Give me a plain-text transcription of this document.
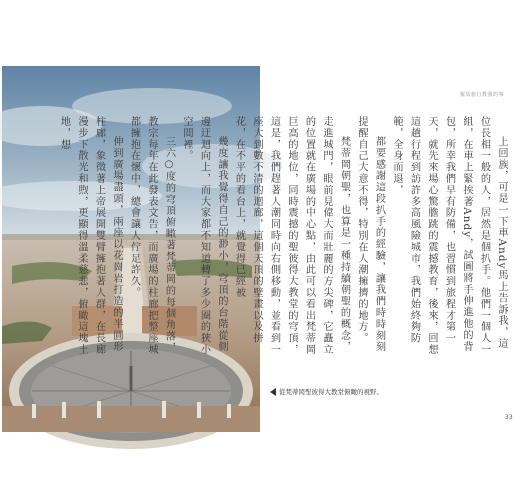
羅馬旅行教我的事

上回族，可是一下車Andy馬上告訴我，這位長相一般的人，居然是個扒手。他們一個人一組，在車上緊挨著Andy，試圖將手伸進他的背包，所幸我們早有防備，也習慣到旅程才第一天，就先來場心驚膽跳的震撼教育，後來，回想這趟行程到訪許多高風險城市，我們始終夠防範，全身而退，

都要感謝這段扒手的經驗，讓我們時時刻刻提醒自己大意不得，特別在人潮擁擠的地方。

梵蒂岡朝聖，也算是一種持續朝聖的概念，走進城門，眼前見偉大而壯麗的方尖碑，它矗立的位置就在廣場的中心點，由此可以看出梵蒂岡巨高的地位，同時震撼的聖彼得大教堂的穹頂，這是，我們趕著人潮同時向右側移動，並看到一座大到數不清的迴廊，這個天頂的壁畫以及拼花，在不平的看台上，就覺得已經被

幾度讓我覺得自己的渺小，穹頂的台階從側邊迂迴向上，而大家都不知道轉了多少圈的狹小空間裡。

三六○度的穹頂俯瞰著梵蒂岡的每個角落，教宗每年在此發表文告，而廣場的柱廊把整座城都擁抱在懷中，總會讓人佇足許久。

伸到廣場盡頭，兩座以花崗岩打造的半圓形柱廊，象徵著上帝展開雙臂擁抱著人群，在長廊漫步下散光和煦，更顯得溫柔慈悲，俯瞰這塊土地，想

從梵蒂岡聖彼得大教堂俯瞰的視野。
33
